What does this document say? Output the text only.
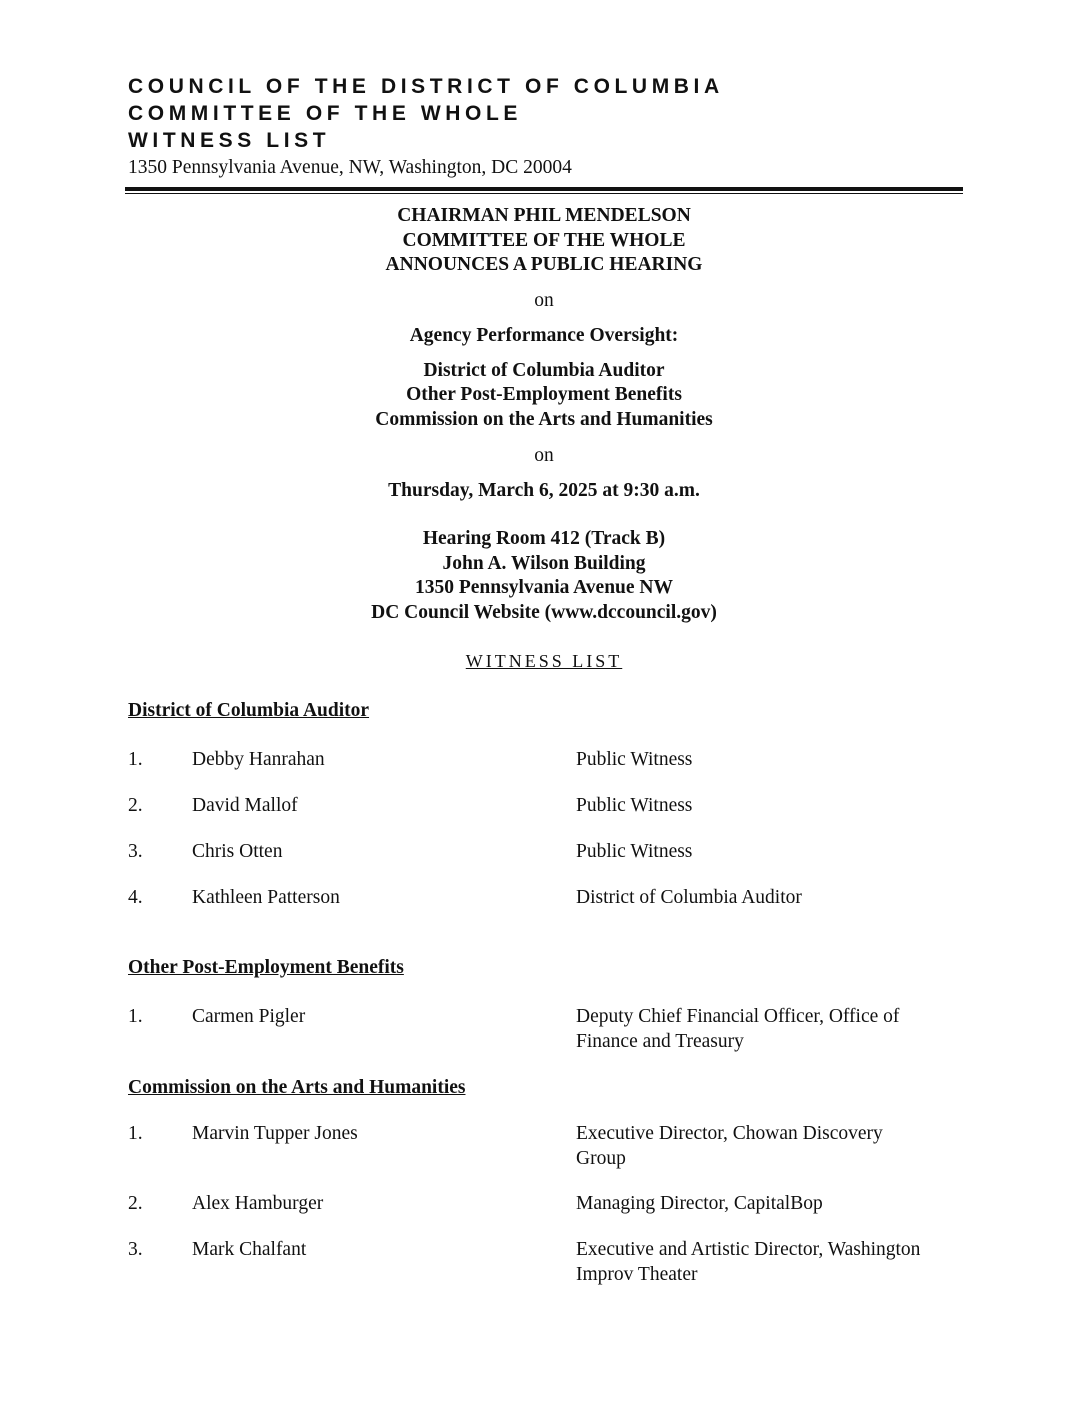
COUNCIL OF THE DISTRICT OF COLUMBIA
COMMITTEE OF THE WHOLE
WITNESS LIST
1350 Pennsylvania Avenue, NW, Washington, DC 20004
CHAIRMAN PHIL MENDELSON
COMMITTEE OF THE WHOLE
ANNOUNCES A PUBLIC HEARING
on
Agency Performance Oversight:
District of Columbia Auditor
Other Post-Employment Benefits
Commission on the Arts and Humanities
on
Thursday, March 6, 2025 at 9:30 a.m.
Hearing Room 412 (Track B)
John A. Wilson Building
1350 Pennsylvania Avenue NW
DC Council Website (www.dccouncil.gov)
WITNESS LIST
District of Columbia Auditor
1.	Debby Hanrahan	Public Witness
2.	David Mallof	Public Witness
3.	Chris Otten	Public Witness
4.	Kathleen Patterson	District of Columbia Auditor
Other Post-Employment Benefits
1.	Carmen Pigler	Deputy Chief Financial Officer, Office of
Finance and Treasury
Commission on the Arts and Humanities
1.	Marvin Tupper Jones	Executive Director, Chowan Discovery
Group
2.	Alex Hamburger	Managing Director, CapitalBop
3.	Mark Chalfant	Executive and Artistic Director, Washington
Improv Theater
